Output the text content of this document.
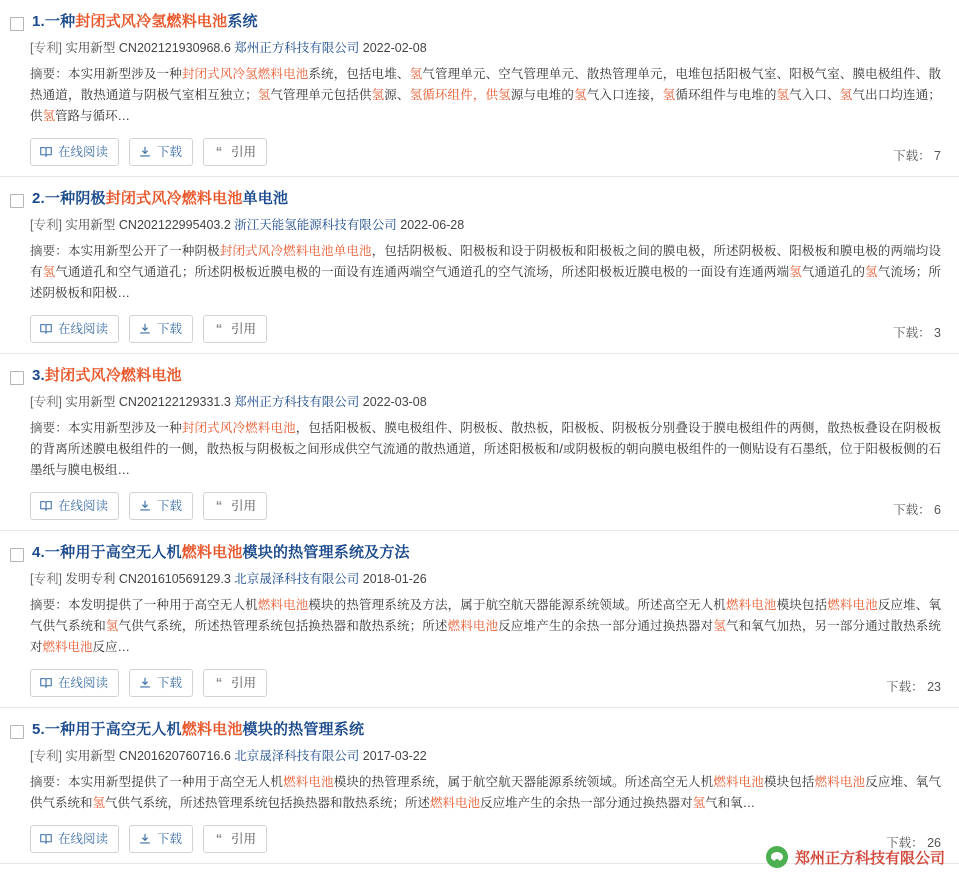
1.一种封闭式风冷氢燃料电池系统
[专利] 实用新型 CN202121930968.6 郑州正方科技有限公司 2022-02-08
摘要：本实用新型涉及一种封闭式风冷氢燃料电池系统，包括电堆、氢气管理单元、空气管理单元、散热管理单元，电堆包括阳极气室、阳极气室、膜电极组件、散热通道，散热通道与阴极气室相互独立；氢气管理单元包括供氢源、氢循环组件，供氢源与电堆的氢气入口连接，氢循环组件与电堆的氢气入口、氢气出口均连通；供氢管路与循环…
在线阅读	下载	“ 引用	下载： 7
2.一种阴极封闭式风冷燃料电池单电池
[专利] 实用新型 CN202122995403.2 浙江天能氢能源科技有限公司 2022-06-28
摘要：本实用新型公开了一种阴极封闭式风冷燃料电池单电池，包括阴极板、阳极板和设于阴极板和阳极板之间的膜电极，所述阴极板、阳极板和膜电极的两端均设有氢气通道孔和空气通道孔；所述阴极板近膜电极的一面设有连通两端空气通道孔的空气流场，所述阳极板近膜电极的一面设有连通两端氢气通道孔的氢气流场；所述阴极板和阳极…
在线阅读	下载	“ 引用	下载： 3
3.封闭式风冷燃料电池
[专利] 实用新型 CN202122129331.3 郑州正方科技有限公司 2022-03-08
摘要：本实用新型涉及一种封闭式风冷燃料电池，包括阳极板、膜电极组件、阴极板、散热板，阳极板、阴极板分别叠设于膜电极组件的两侧，散热板叠设在阴极板的背离所述膜电极组件的一侧，散热板与阴极板之间形成供空气流通的散热通道，所述阳极板和/或阴极板的朝向膜电极组件的一侧贴设有石墨纸，位于阳极板侧的石墨纸与膜电极组…
在线阅读	下载	“ 引用	下载： 6
4.一种用于高空无人机燃料电池模块的热管理系统及方法
[专利] 发明专利 CN201610569129.3 北京晟泽科技有限公司 2018-01-26
摘要：本发明提供了一种用于高空无人机燃料电池模块的热管理系统及方法，属于航空航天器能源系统领域。所述高空无人机燃料电池模块包括燃料电池反应堆、氧气供气系统和氢气供气系统，所述热管理系统包括换热器和散热系统；所述燃料电池反应堆产生的余热一部分通过换热器对氢气和氧气加热，另一部分通过散热系统对燃料电池反应…
在线阅读	下载	“ 引用	下载： 23
5.一种用于高空无人机燃料电池模块的热管理系统
[专利] 实用新型 CN201620760716.6 北京晟泽科技有限公司 2017-03-22
摘要：本实用新型提供了一种用于高空无人机燃料电池模块的热管理系统，属于航空航天器能源系统领域。所述高空无人机燃料电池模块包括燃料电池反应堆、氧气供气系统和氢气供气系统，所述热管理系统包括换热器和散热系统；所述燃料电池反应堆产生的余热一部分通过换热器对氢气和氧…
在线阅读	下载	“ 引用	下载： 26
郑州正方科技有限公司
